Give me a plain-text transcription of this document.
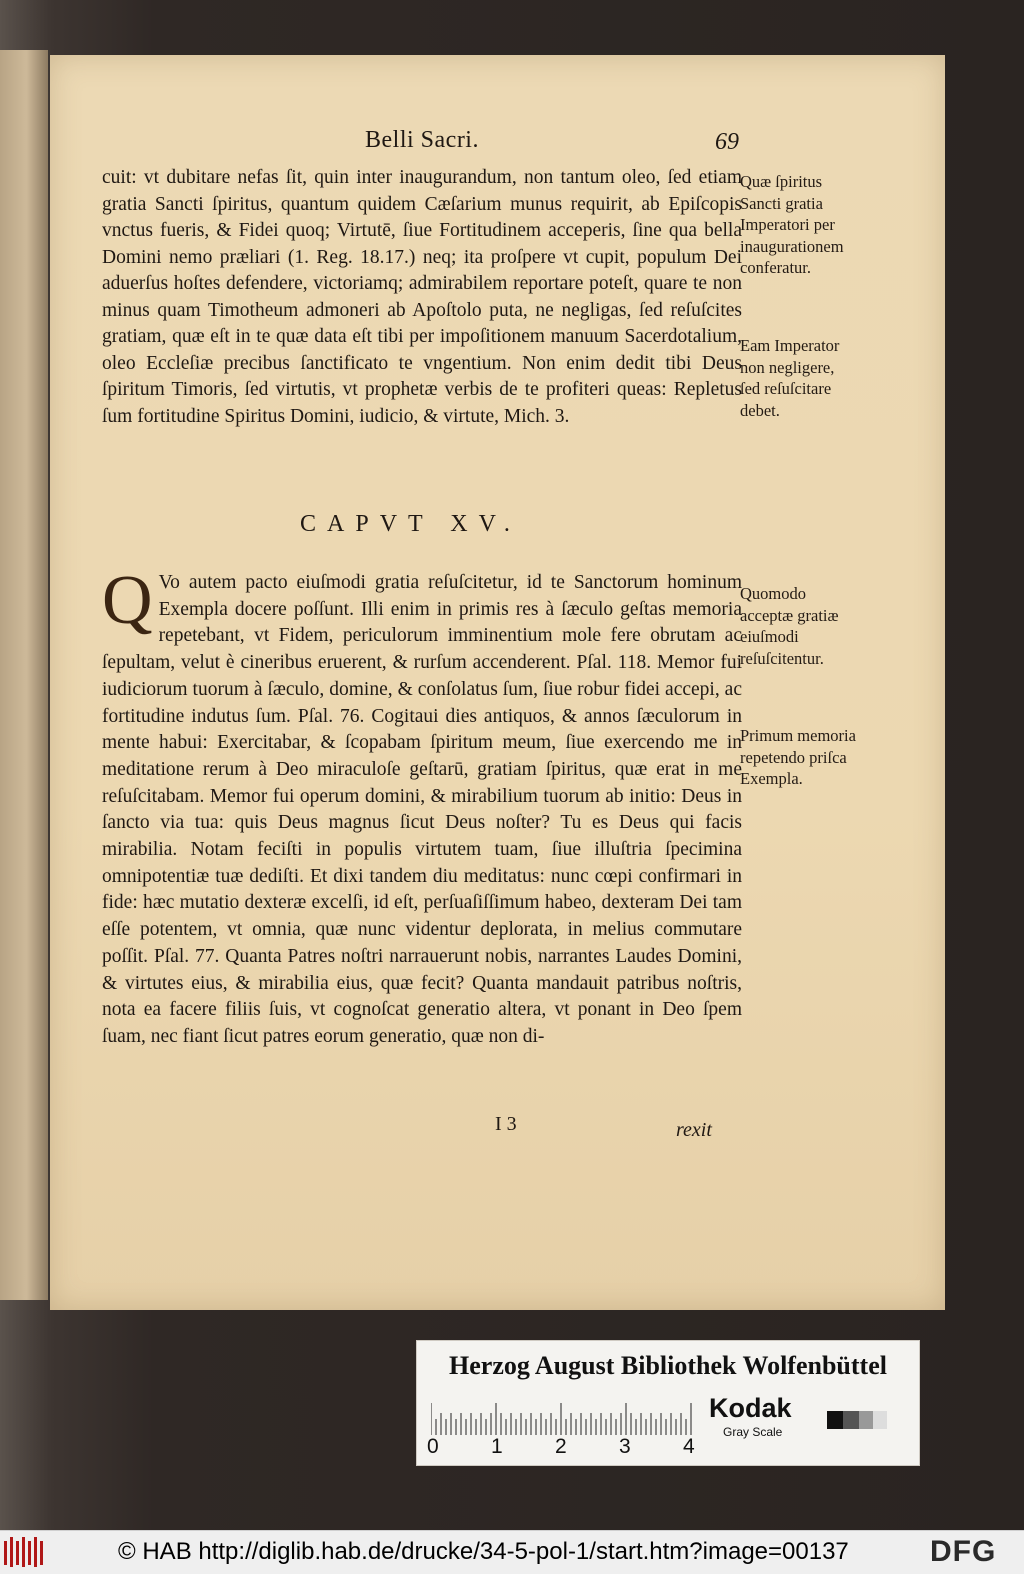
Belli Sacri.	69
cuit: vt dubitare nefas ſit, quin inter inaugurandum, non tantum oleo, ſed etiam gratia Sancti ſpiritus, quantum quidem Cæſarium munus requirit, ab Epiſcopis vnctus fueris, & Fidei quoq; Virtutē, ſiue Fortitudinem acceperis, ſine qua bella Domini nemo præliari (1. Reg. 18.17.) neq; ita proſpere vt cupit, populum Dei aduerſus hoſtes defendere, victoriamq; admirabilem reportare poteſt, quare te non minus quam Timotheum admoneri ab Apoſtolo puta, ne negligas, ſed reſuſcites gratiam, quæ eſt in te quæ data eſt tibi per impoſitionem manuum Sacerdotalium, oleo Eccleſiæ precibus ſanctificato te vngentium. Non enim dedit tibi Deus ſpiritum Timoris, ſed virtutis, vt prophetæ verbis de te profiteri queas: Repletus ſum fortitudine Spiritus Domini, iudicio, & virtute, Mich. 3.
CAPVT XV.
Q Vo autem pacto eiuſmodi gratia reſuſcitetur, id te Sanctorum hominum Exempla docere poſſunt. Illi enim in primis res à ſæculo geſtas memoria repetebant, vt Fidem, periculorum imminentium mole fere obrutam ac ſepultam, velut è cineribus eruerent, & rurſum accenderent. Pſal. 118. Memor fui iudiciorum tuorum à ſæculo, domine, & conſolatus ſum, ſiue robur fidei accepi, ac fortitudine indutus ſum. Pſal. 76. Cogitaui dies antiquos, & annos ſæculorum in mente habui: Exercitabar, & ſcopabam ſpiritum meum, ſiue exercendo me in meditatione rerum à Deo miraculoſe geſtarū, gratiam ſpiritus, quæ erat in me reſuſcitabam. Memor fui operum domini, & mirabilium tuorum ab initio: Deus in ſancto via tua: quis Deus magnus ſicut Deus noſter? Tu es Deus qui facis mirabilia. Notam feciſti in populis virtutem tuam, ſiue illuſtria ſpecimina omnipotentiæ tuæ dediſti. Et dixi tandem diu meditatus: nunc cœpi confirmari in fide: hæc mutatio dexteræ excelſi, id eſt, perſuaſiſſimum habeo, dexteram Dei tam eſſe potentem, vt omnia, quæ nunc videntur deplorata, in melius commutare poſſit. Pſal. 77. Quanta Patres noſtri narrauerunt nobis, narrantes Laudes Domini, & virtutes eius, & mirabilia eius, quæ fecit? Quanta mandauit patribus noſtris, nota ea facere filiis ſuis, vt cognoſcat generatio altera, vt ponant in Deo ſpem ſuam, nec fiant ſicut patres eorum generatio, quæ non di-
Quæ ſpiritus Sancti gratia Imperatori per inaugurationem conferatur.
Eam Imperator non negligere, ſed reſuſcitare debet.
Quomodo acceptæ gratiæ eiuſmodi reſuſcitentur.
Primum memoria repetendo priſca Exempla.
I 3	rexit
Herzog August Bibliothek Wolfenbüttel
0 1 2 3 4
Kodak
Gray Scale
© HAB http://diglib.hab.de/drucke/34-5-pol-1/start.htm?image=00137	DFG
